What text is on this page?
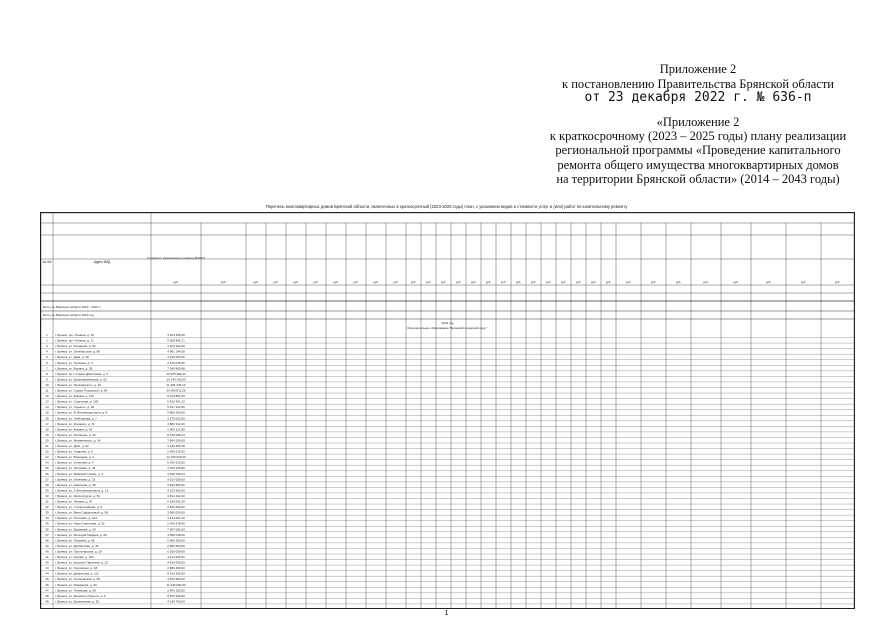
Приложение 2
к постановлению Правительства Брянской области
от 23 декабря 2022 г. № 636-п
«Приложение 2
к краткосрочному (2023 – 2025 годы) плану реализации
региональной программы «Проведение капитального
ремонта общего имущества многоквартирных домов
на территории Брянской области» (2014 – 2043 годы)
Перечень многоквартирных домов Брянской области, включенных в краткосрочный (2023-2025 годы) план, с указанием видов и стоимости услуг и (или) работ по капитальному ремонту
№ п/п	Адрес МКД
Стоимость капитального ремонта ВСЕГО
руб.	руб.	руб.	руб.	руб.	руб.	руб.	руб.	руб.	руб.	руб.	руб.	руб.	руб.	руб.	руб.	руб.	руб.	руб.	руб.	руб.	руб.	руб.	руб.	руб.	руб.	руб.	руб.	руб.	руб.	руб.	руб.
Итого по Брянской области 2023 - 2025 гг
Итого по Брянской области 2023 год
2023 год
Муниципальное образование "Брянский городской округ"
1 г. Брянск, пр-т Ленина, д. 15	4 914 545,28
2 г. Брянск, пр-т Ленина, д. 17	9 208 856,71
3 г. Брянск, ул. Калинина, д. 84	3 104 104,00
4 г. Брянск, ул. Октябрьская, д. 98	4 901 144,58
5 г. Брянск, ул. Дуки, д. 48	4 129 000,00
6 г. Брянск, ул. Пушкина, д. 3	2 519 078,46
7 г. Брянск, ул. Фокина, д. 28	7 040 809,98
8 г. Брянск, пр-т Станке Димитрова, д. 5	16 975 386,44
9 г. Брянск, ул. Красноармейская, д. 62	10 140 100,00
10 г. Брянск, ул. Луначарского, д. 40	11 284 478,10
11 г. Брянск, ул. Софьи Перовской, д. 66	22 450 812,28
12 г. Брянск, ул. Фокина, д. 119	5 123 881,00
13 г. Брянск, ул. Советская, д. 103	6 812 901,12
14 г. Брянск, ул. Горького, д. 33	5 017 234,56
15 г. Брянск, ул. III Интернационала, д. 8	9 805 200,00
16 г. Брянск, ул. Грибоедова, д. 7	3 276 000,00
17 г. Брянск, ул. Урицкого, д. 72	4 881 512,40
18 г. Брянск, ул. Фокина, д. 42	2 909 127,80
19 г. Брянск, ул. Калинина, д. 93	8 140 008,14
20 г. Брянск, ул. Менжинского, д. 14	7 604 300,00
21 г. Брянск, ул. Дуки, д. 62	3 120 450,18
22 г. Брянск, ул. Гагарина, д. 5	2 450 615,20
23 г. Брянск, ул. Бежицкая, д. 1	12 150 000,00
24 г. Брянск, ул. Ульянова, д. 4	6 334 210,00
25 г. Брянск, ул. Литейная, д. 44	4 780 125,66
26 г. Брянск, ул. Майской Стачки, д. 3	3 408 760,24
27 г. Брянск, ул. Ульянова, д. 31	9 017 000,00
28 г. Брянск, ул. Камозина, д. 38	5 620 800,00
29 г. Брянск, ул. 3 Интернационала, д. 13	4 223 900,00
30 г. Брянск, ул. Металлургов, д. 52	3 812 412,00
31 г. Брянск, ул. Ленина, д. 97	6 109 001,00
32 г. Брянск, ул. Сталелитейная, д. 9	2 810 320,00
33 г. Брянск, ул. Вали Сафроновой, д. 58	3 900 000,00
34 г. Брянск, ул. Почтовая, д. 124	4 414 001,20
35 г. Брянск, ул. Ново-Советская, д. 92	2 345 678,90
36 г. Брянск, ул. Ермакова, д. 34	7 007 000,00
37 г. Брянск, ул. Молодой Гвардии, д. 66	3 550 018,00
38 г. Брянск, ул. Пушкина, д. 65	5 905 300,00
39 г. Брянск, ул. Донбасская, д. 46	2 800 500,00
40 г. Брянск, ул. Пролетарская, д. 19	6 200 000,00
41 г. Брянск, ул. Кирова, д. 103	3 114 220,00
42 г. Брянск, ул. Красных Партизан, д. 12	4 420 000,00
43 г. Брянск, ул. Орловская, д. 18	2 980 400,00
44 г. Брянск, ул. Димитрова, д. 112	5 210 250,00
45 г. Брянск, ул. Клинцовская, д. 55	3 670 900,00
46 г. Брянск, ул. Ромашина, д. 33	11 640 000,00
47 г. Брянск, ул. Тельмана, д. 68	2 450 102,00
48 г. Брянск, ул. Брянского Фронта, д. 6	6 870 330,00
49 г. Брянск, ул. Крахмалева, д. 35	4 140 700,00
1
